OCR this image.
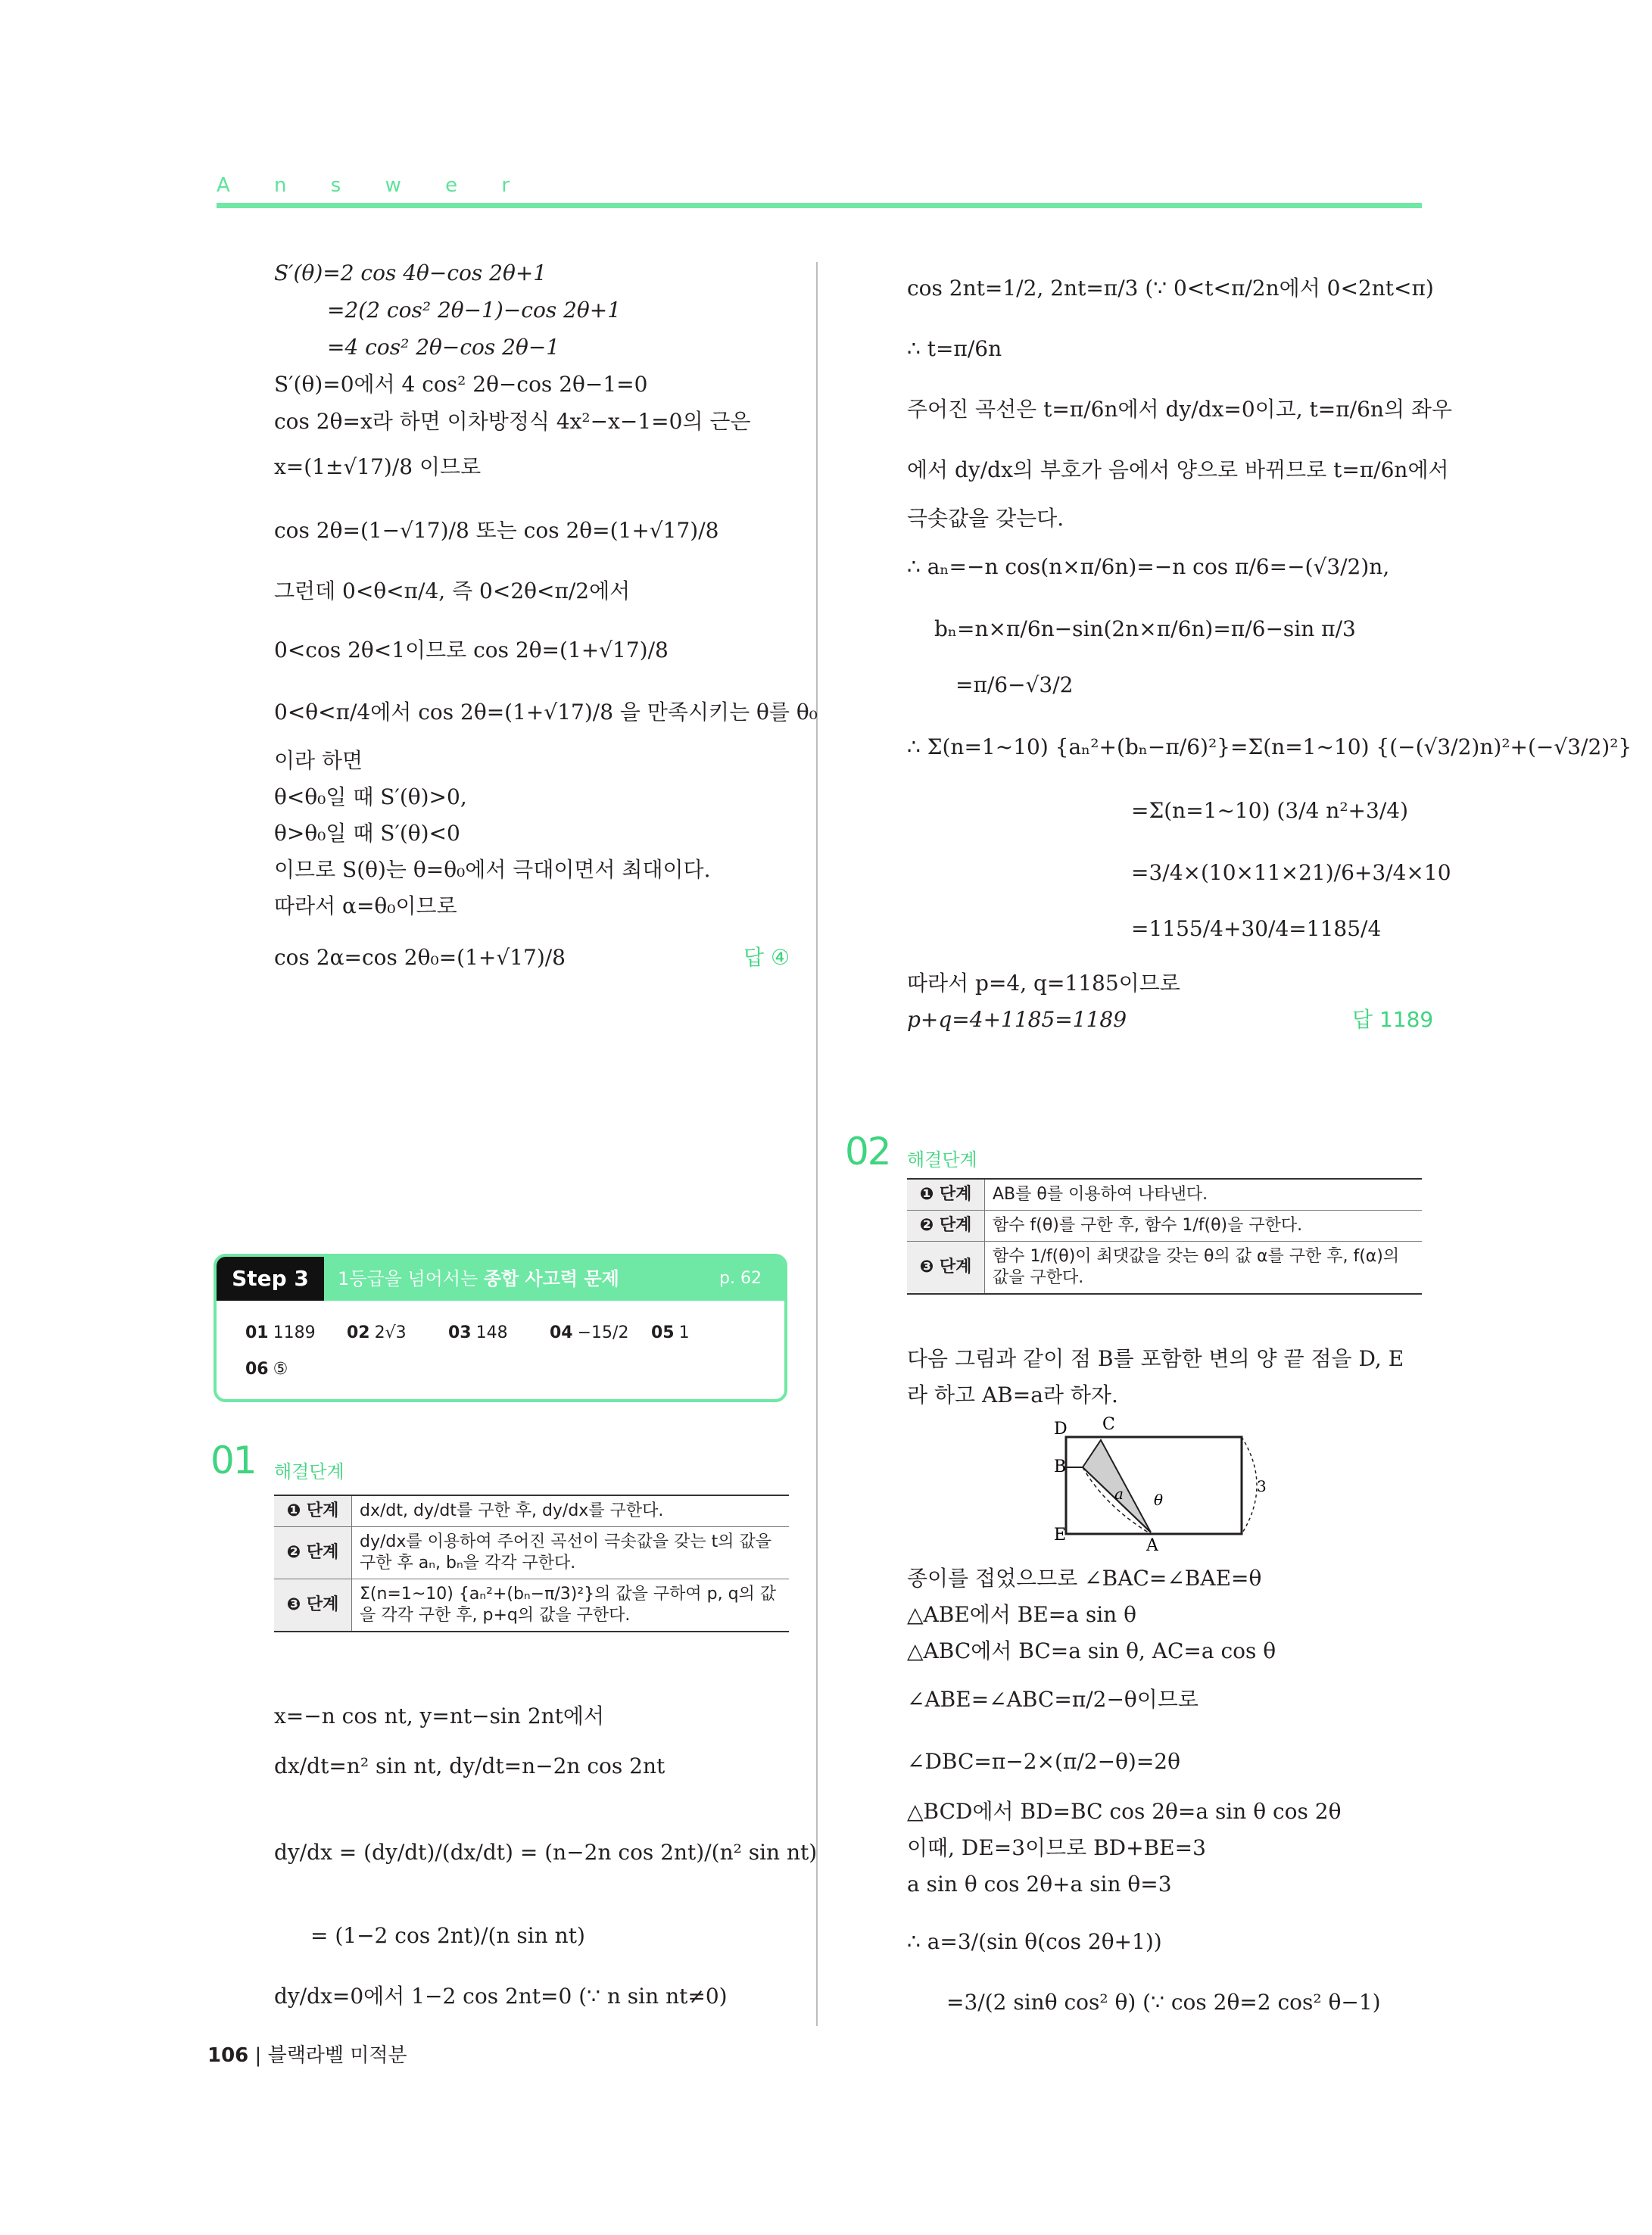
A n s w e r
S′(θ)=2 cos 4θ−cos 2θ+1
=2(2 cos² 2θ−1)−cos 2θ+1
=4 cos² 2θ−cos 2θ−1
S′(θ)=0에서 4 cos² 2θ−cos 2θ−1=0
cos 2θ=x라 하면 이차방정식 4x²−x−1=0의 근은
x=(1±√17)/8 이므로
cos 2θ=(1−√17)/8 또는 cos 2θ=(1+√17)/8
그런데 0<θ<π/4, 즉 0<2θ<π/2에서
0<cos 2θ<1이므로 cos 2θ=(1+√17)/8
0<θ<π/4에서 cos 2θ=(1+√17)/8 을 만족시키는 θ를 θ₀
이라 하면
θ<θ₀일 때 S′(θ)>0,
θ>θ₀일 때 S′(θ)<0
이므로 S(θ)는 θ=θ₀에서 극대이면서 최대이다.
따라서 α=θ₀이므로
cos 2α=cos 2θ₀=(1+√17)/8	답 ④
Step 3	1등급을 넘어서는 종합 사고력 문제	p. 62
01 1189 02 2√3	03 148	04 −15/2 05 1
06 ⑤
01 해결단계
❶ 단계	dx/dt, dy/dt를 구한 후, dy/dx를 구한다.
❷ 단계	dy/dx를 이용하여 주어진 곡선이 극솟값을 갖는 t의 값을 구한 후 aₙ, bₙ을 각각 구한다.
❸ 단계	Σ(n=1~10) {aₙ²+(bₙ−π/3)²}의 값을 구하여 p, q의 값을 각각 구한 후, p+q의 값을 구한다.
x=−n cos nt, y=nt−sin 2nt에서
dx/dt=n² sin nt, dy/dt=n−2n cos 2nt
dy/dx = (dy/dt)/(dx/dt) = (n−2n cos 2nt)/(n² sin nt)
= (1−2 cos 2nt)/(n sin nt)
dy/dx=0에서 1−2 cos 2nt=0 (∵ n sin nt≠0)
cos 2nt=1/2, 2nt=π/3 (∵ 0<t<π/2n에서 0<2nt<π)
∴ t=π/6n
주어진 곡선은 t=π/6n에서 dy/dx=0이고, t=π/6n의 좌우
에서 dy/dx의 부호가 음에서 양으로 바뀌므로 t=π/6n에서
극솟값을 갖는다.
∴ aₙ=−n cos(n×π/6n)=−n cos π/6=−(√3/2)n,
bₙ=n×π/6n−sin(2n×π/6n)=π/6−sin π/3
=π/6−√3/2
∴ Σ(n=1~10) {aₙ²+(bₙ−π/6)²}=Σ(n=1~10) {(−(√3/2)n)²+(−√3/2)²}
=Σ(n=1~10) (3/4 n²+3/4)
=3/4×(10×11×21)/6+3/4×10
=1155/4+30/4=1185/4
따라서 p=4, q=1185이므로
p+q=4+1185=1189	답 1189
02 해결단계
❶ 단계	AB를 θ를 이용하여 나타낸다.
❷ 단계	함수 f(θ)를 구한 후, 함수 1/f(θ)을 구한다.
❸ 단계	함수 1/f(θ)이 최댓값을 갖는 θ의 값 α를 구한 후, f(α)의 값을 구한다.
다음 그림과 같이 점 B를 포함한 변의 양 끝 점을 D, E
라 하고 AB=a라 하자.
D C
B
E
A
a θ
3
종이를 접었으므로 ∠BAC=∠BAE=θ
△ABE에서 BE=a sin θ
△ABC에서 BC=a sin θ, AC=a cos θ
∠ABE=∠ABC=π/2−θ이므로
∠DBC=π−2×(π/2−θ)=2θ
△BCD에서 BD=BC cos 2θ=a sin θ cos 2θ
이때, DE=3이므로 BD+BE=3
a sin θ cos 2θ+a sin θ=3
∴ a=3/(sin θ(cos 2θ+1))
=3/(2 sinθ cos² θ) (∵ cos 2θ=2 cos² θ−1)
106 | 블랙라벨 미적분
